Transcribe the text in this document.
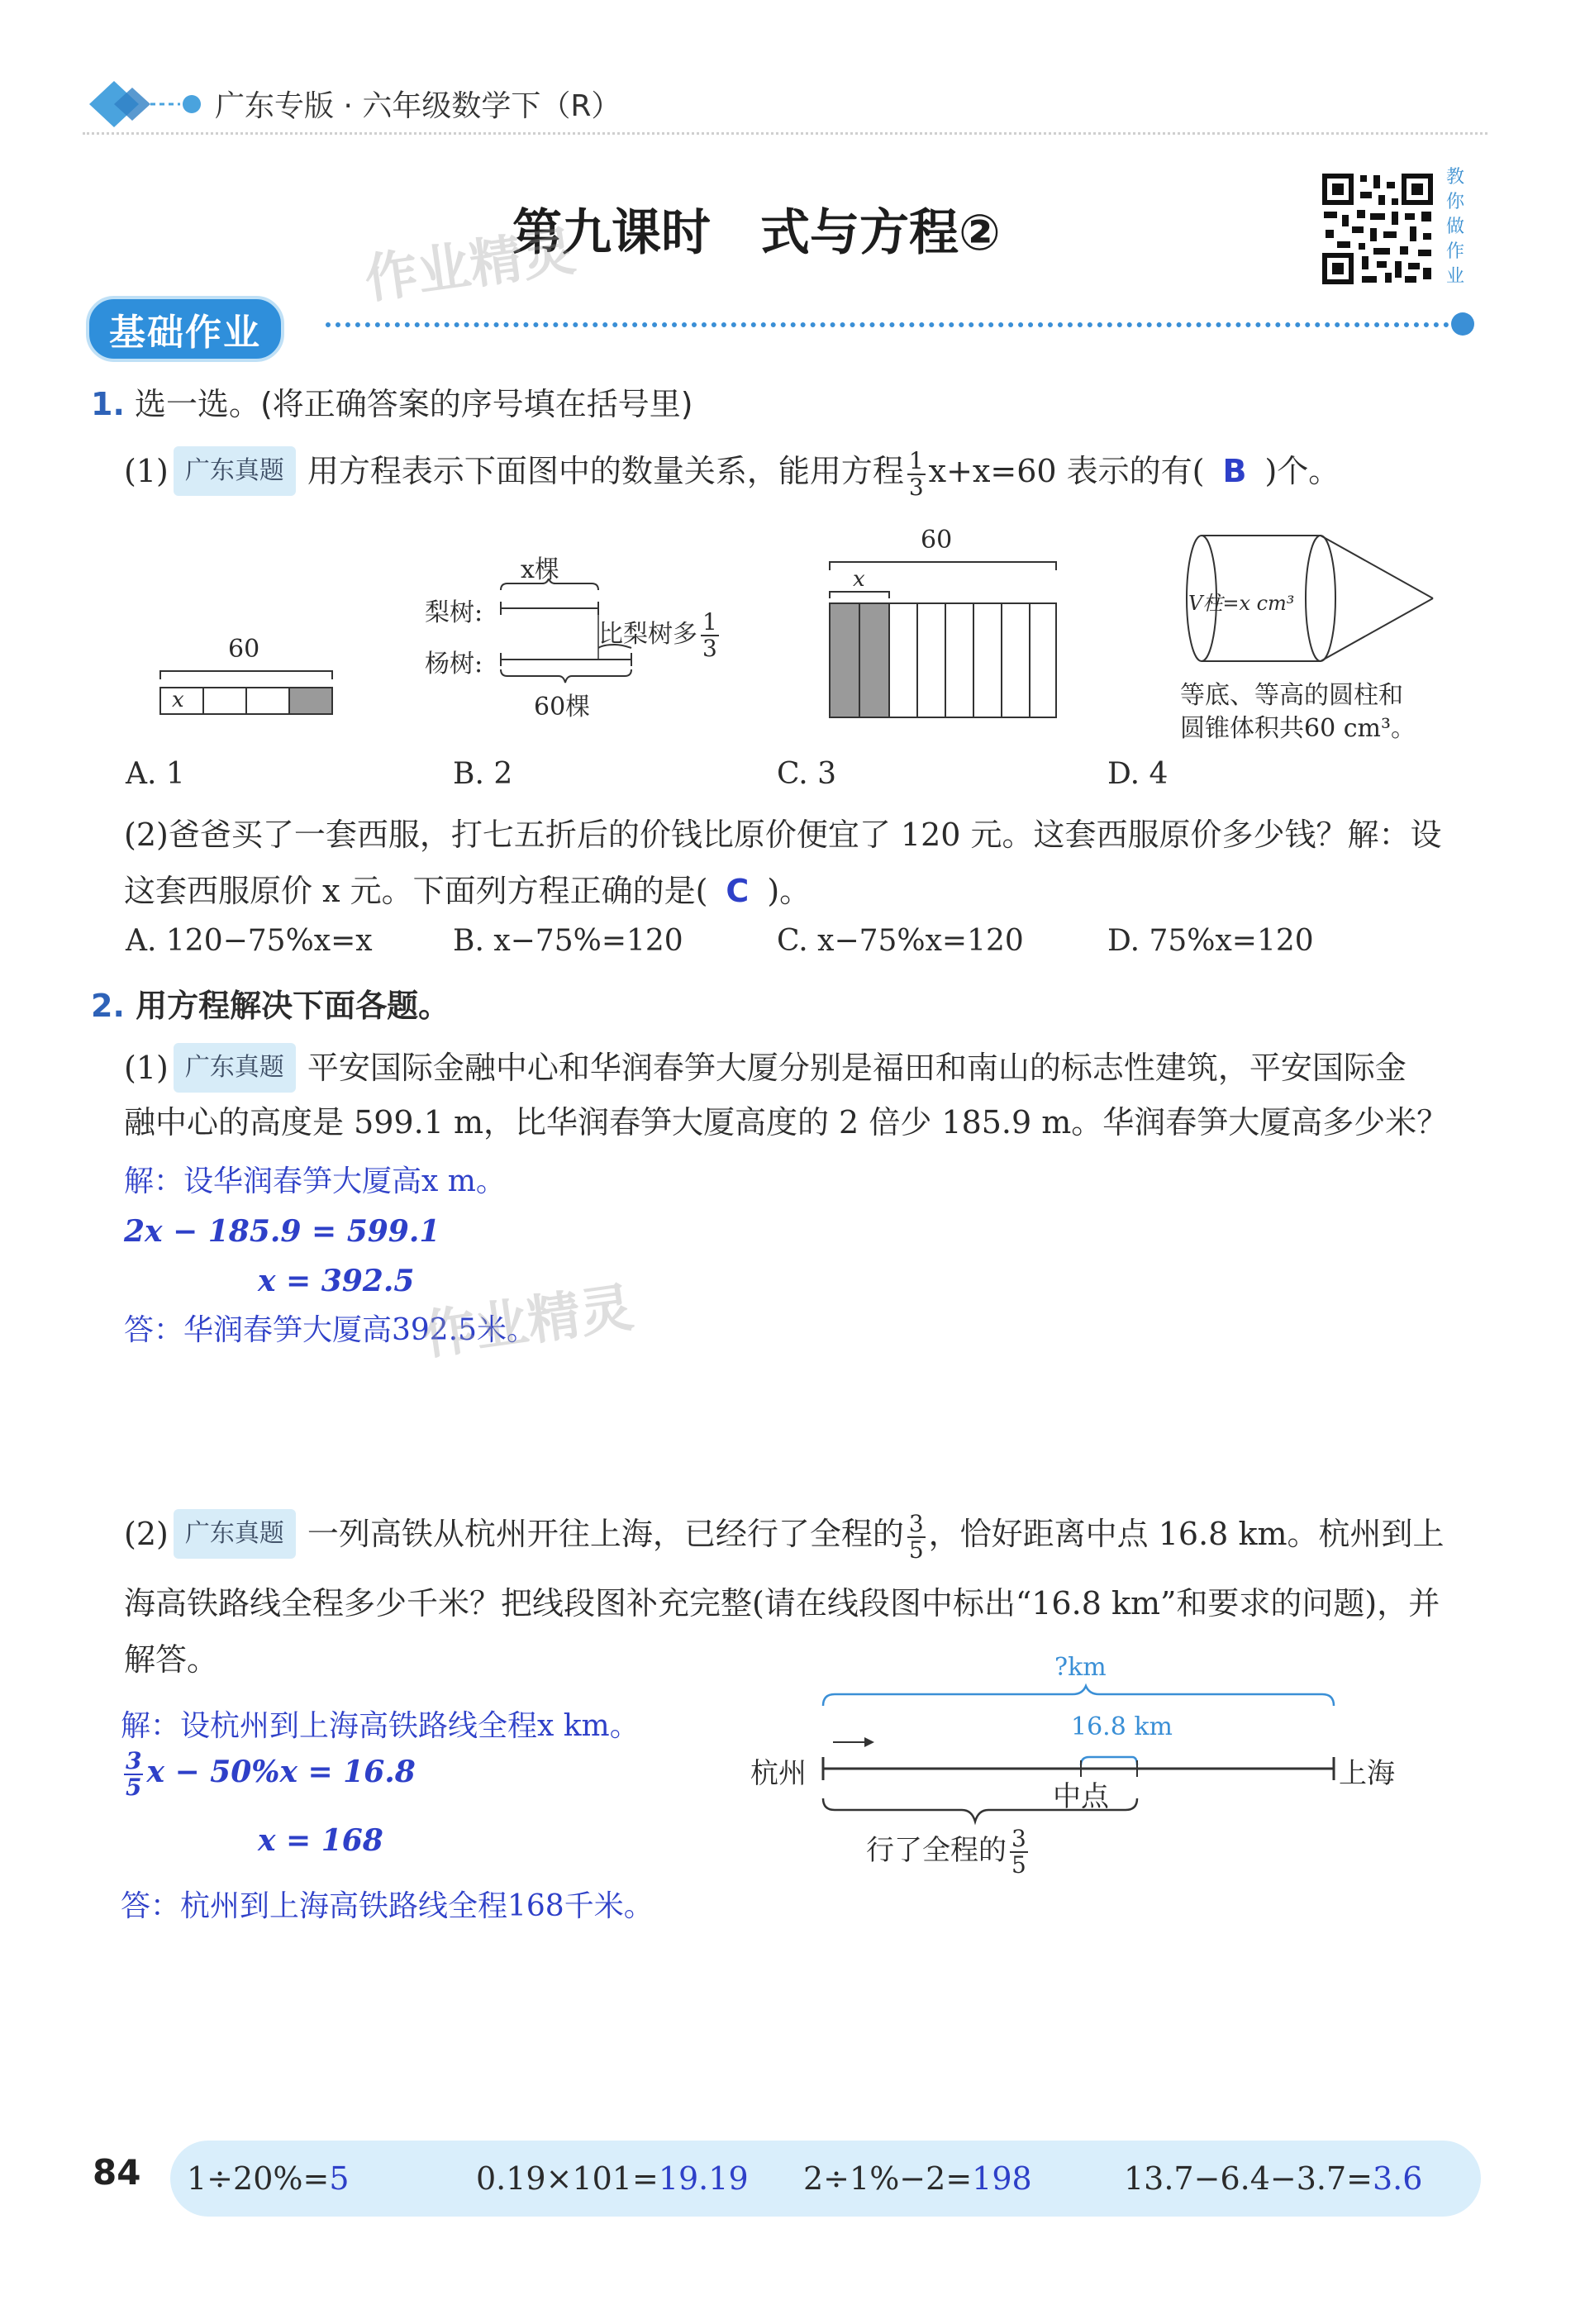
广东专版 · 六年级数学下（R）
第九课时　式与方程②
作业精灵
教你做作业
基础作业
1. 选一选。(将正确答案的序号填在括号里)
(1) 广东真题 用方程表示下面图中的数量关系，能用方程 $\frac{1}{3} x+x=60$ 表示的有( B )个。
60
x
x棵
梨树:
杨树:
比梨树多 $\frac{1}{3}$
60棵
60
x
V柱=x cm³
等底、等高的圆柱和
圆锥体积共60 cm³。
A. 1	B. 2	C. 3	D. 4
(2)爸爸买了一套西服，打七五折后的价钱比原价便宜了 120 元。这套西服原价多少钱？解：设
这套西服原价 x 元。下面列方程正确的是( C )。
A. 120−75%x=x	B. x−75%=120	C. x−75%x=120	D. 75%x=120
2. 用方程解决下面各题。
(1) 广东真题 平安国际金融中心和华润春笋大厦分别是福田和南山的标志性建筑，平安国际金
融中心的高度是 599.1 m，比华润春笋大厦高度的 2 倍少 185.9 m。华润春笋大厦高多少米？
解：设华润春笋大厦高x m。
2x − 185.9 = 599.1
x = 392.5
答：华润春笋大厦高392.5米。
作业精灵
(2) 广东真题 一列高铁从杭州开往上海，已经行了全程的 $\frac{3}{5}$ ，恰好距离中点 16.8 km。杭州到上
海高铁路线全程多少千米？把线段图补充完整(请在线段图中标出“16.8 km”和要求的问题)，并
解答。
解：设杭州到上海高铁路线全程x km。
$\frac{3}{5}$ x − 50%x = 16.8
x = 168
答：杭州到上海高铁路线全程168千米。
?km
16.8 km
杭州	上海
中点
行了全程的 $\frac{3}{5}$
84 1÷20%=5	0.19×101=19.19 2÷1%−2=198	13.7−6.4−3.7=3.6
